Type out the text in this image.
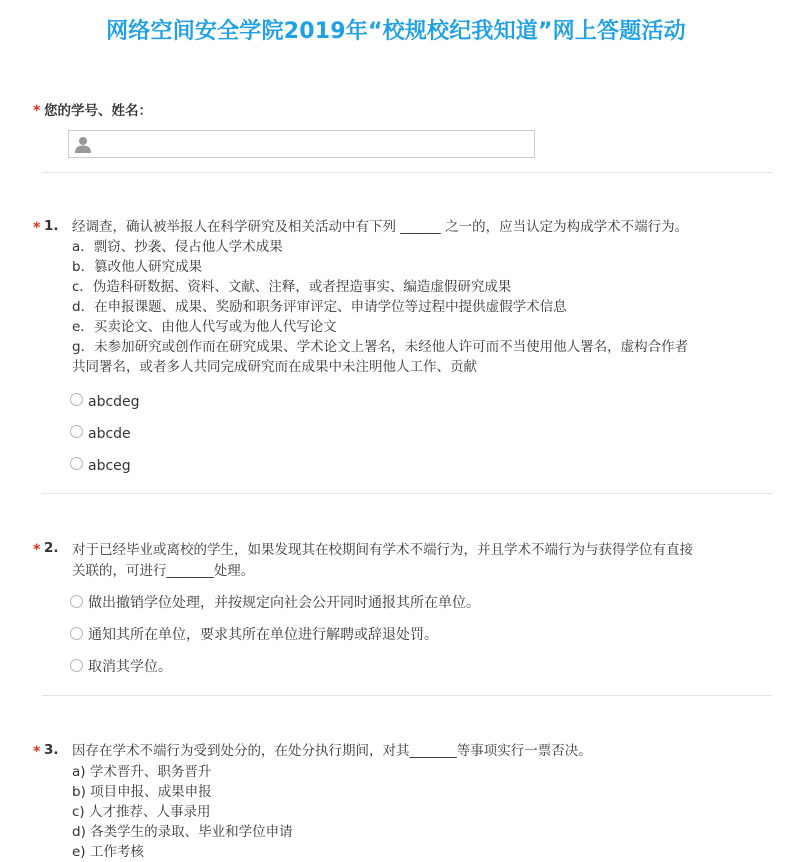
网络空间安全学院2019年“校规校纪我知道”网上答题活动
* 您的学号、姓名：
* 1. 经调查，确认被举报人在科学研究及相关活动中有下列 ______ 之一的，应当认定为构成学术不端行为。
a．剽窃、抄袭、侵占他人学术成果
b．篡改他人研究成果
c．伪造科研数据、资料、文献、注释，或者捏造事实、编造虚假研究成果
d．在申报课题、成果、奖励和职务评审评定、申请学位等过程中提供虚假学术信息
e．买卖论文、由他人代写或为他人代写论文
g．未参加研究或创作而在研究成果、学术论文上署名，未经他人许可而不当使用他人署名，虚构合作者
共同署名，或者多人共同完成研究而在成果中未注明他人工作、贡献
abcdeg
abcde
abceg
* 2. 对于已经毕业或离校的学生，如果发现其在校期间有学术不端行为，并且学术不端行为与获得学位有直接
关联的，可进行_______处理。
做出撤销学位处理，并按规定向社会公开同时通报其所在单位。
通知其所在单位，要求其所在单位进行解聘或辞退处罚。
取消其学位。
* 3. 因存在学术不端行为受到处分的，在处分执行期间，对其_______等事项实行一票否决。
a) 学术晋升、职务晋升
b) 项目申报、成果申报
c) 人才推荐、人事录用
d) 各类学生的录取、毕业和学位申请
e) 工作考核
